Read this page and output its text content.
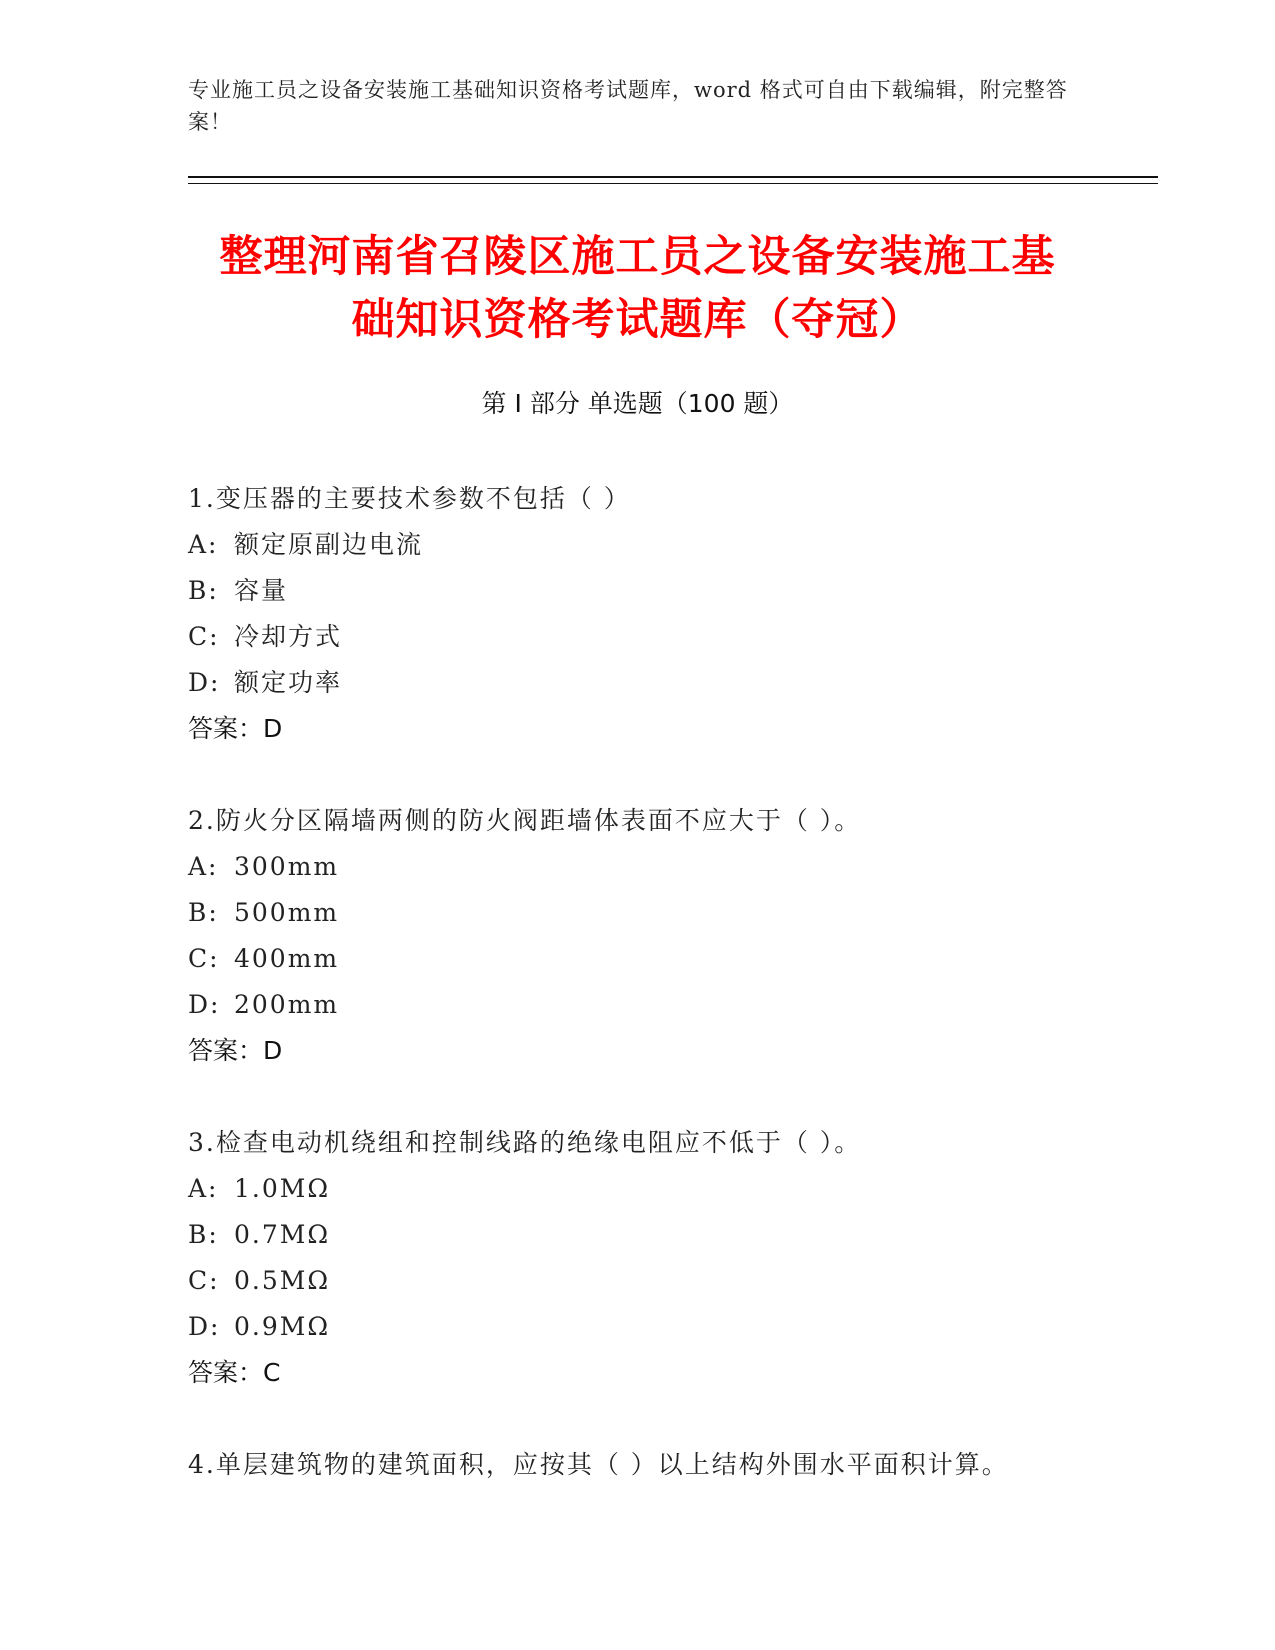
专业施工员之设备安装施工基础知识资格考试题库，word 格式可自由下载编辑，附完整答案！
整理河南省召陵区施工员之设备安装施工基
础知识资格考试题库（夺冠）
第 I 部分 单选题（100 题）
1.变压器的主要技术参数不包括（ ）
A: 额定原副边电流
B: 容量
C: 冷却方式
D: 额定功率
答案：D
2.防火分区隔墙两侧的防火阀距墙体表面不应大于（ ）。
A: 300mm
B: 500mm
C: 400mm
D: 200mm
答案：D
3.检查电动机绕组和控制线路的绝缘电阻应不低于（ ）。
A: 1.0MΩ
B: 0.7MΩ
C: 0.5MΩ
D: 0.9MΩ
答案：C
4.单层建筑物的建筑面积，应按其（ ）以上结构外围水平面积计算。
